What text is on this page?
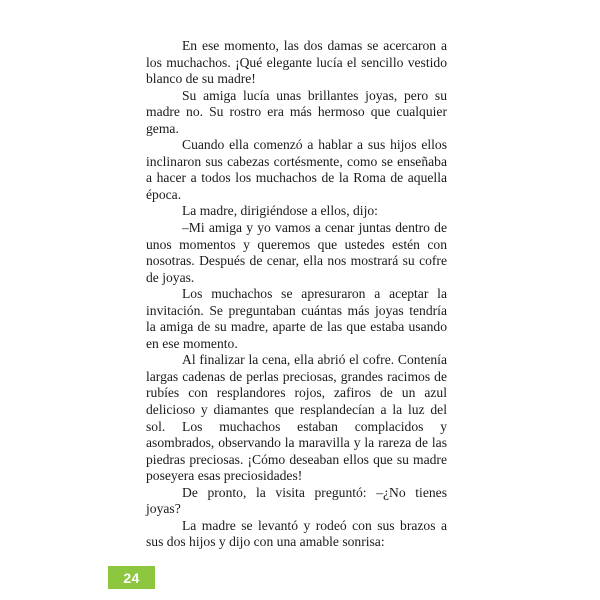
En ese momento, las dos damas se acercaron a los muchachos. ¡Qué elegante lucía el sencillo vestido blanco de su madre!

Su amiga lucía unas brillantes joyas, pero su madre no. Su rostro era más hermoso que cualquier gema.

Cuando ella comenzó a hablar a sus hijos ellos inclinaron sus cabezas cortésmente, como se enseñaba a hacer a todos los muchachos de la Roma de aquella época.

La madre, dirigiéndose a ellos, dijo:

–Mi amiga y yo vamos a cenar juntas dentro de unos momentos y queremos que ustedes estén con nosotras. Después de cenar, ella nos mostrará su cofre de joyas.

Los muchachos se apresuraron a aceptar la invitación. Se preguntaban cuántas más joyas tendría la amiga de su madre, aparte de las que estaba usando en ese momento.

Al finalizar la cena, ella abrió el cofre. Contenía largas cadenas de perlas preciosas, grandes racimos de rubíes con resplandores rojos, zafiros de un azul delicioso y diamantes que resplandecían a la luz del sol. Los muchachos estaban complacidos y asombrados, observando la maravilla y la rareza de las piedras preciosas. ¡Cómo deseaban ellos que su madre poseyera esas preciosidades!

De pronto, la visita preguntó: –¿No tienes joyas?

La madre se levantó y rodeó con sus brazos a sus dos hijos y dijo con una amable sonrisa:

24
